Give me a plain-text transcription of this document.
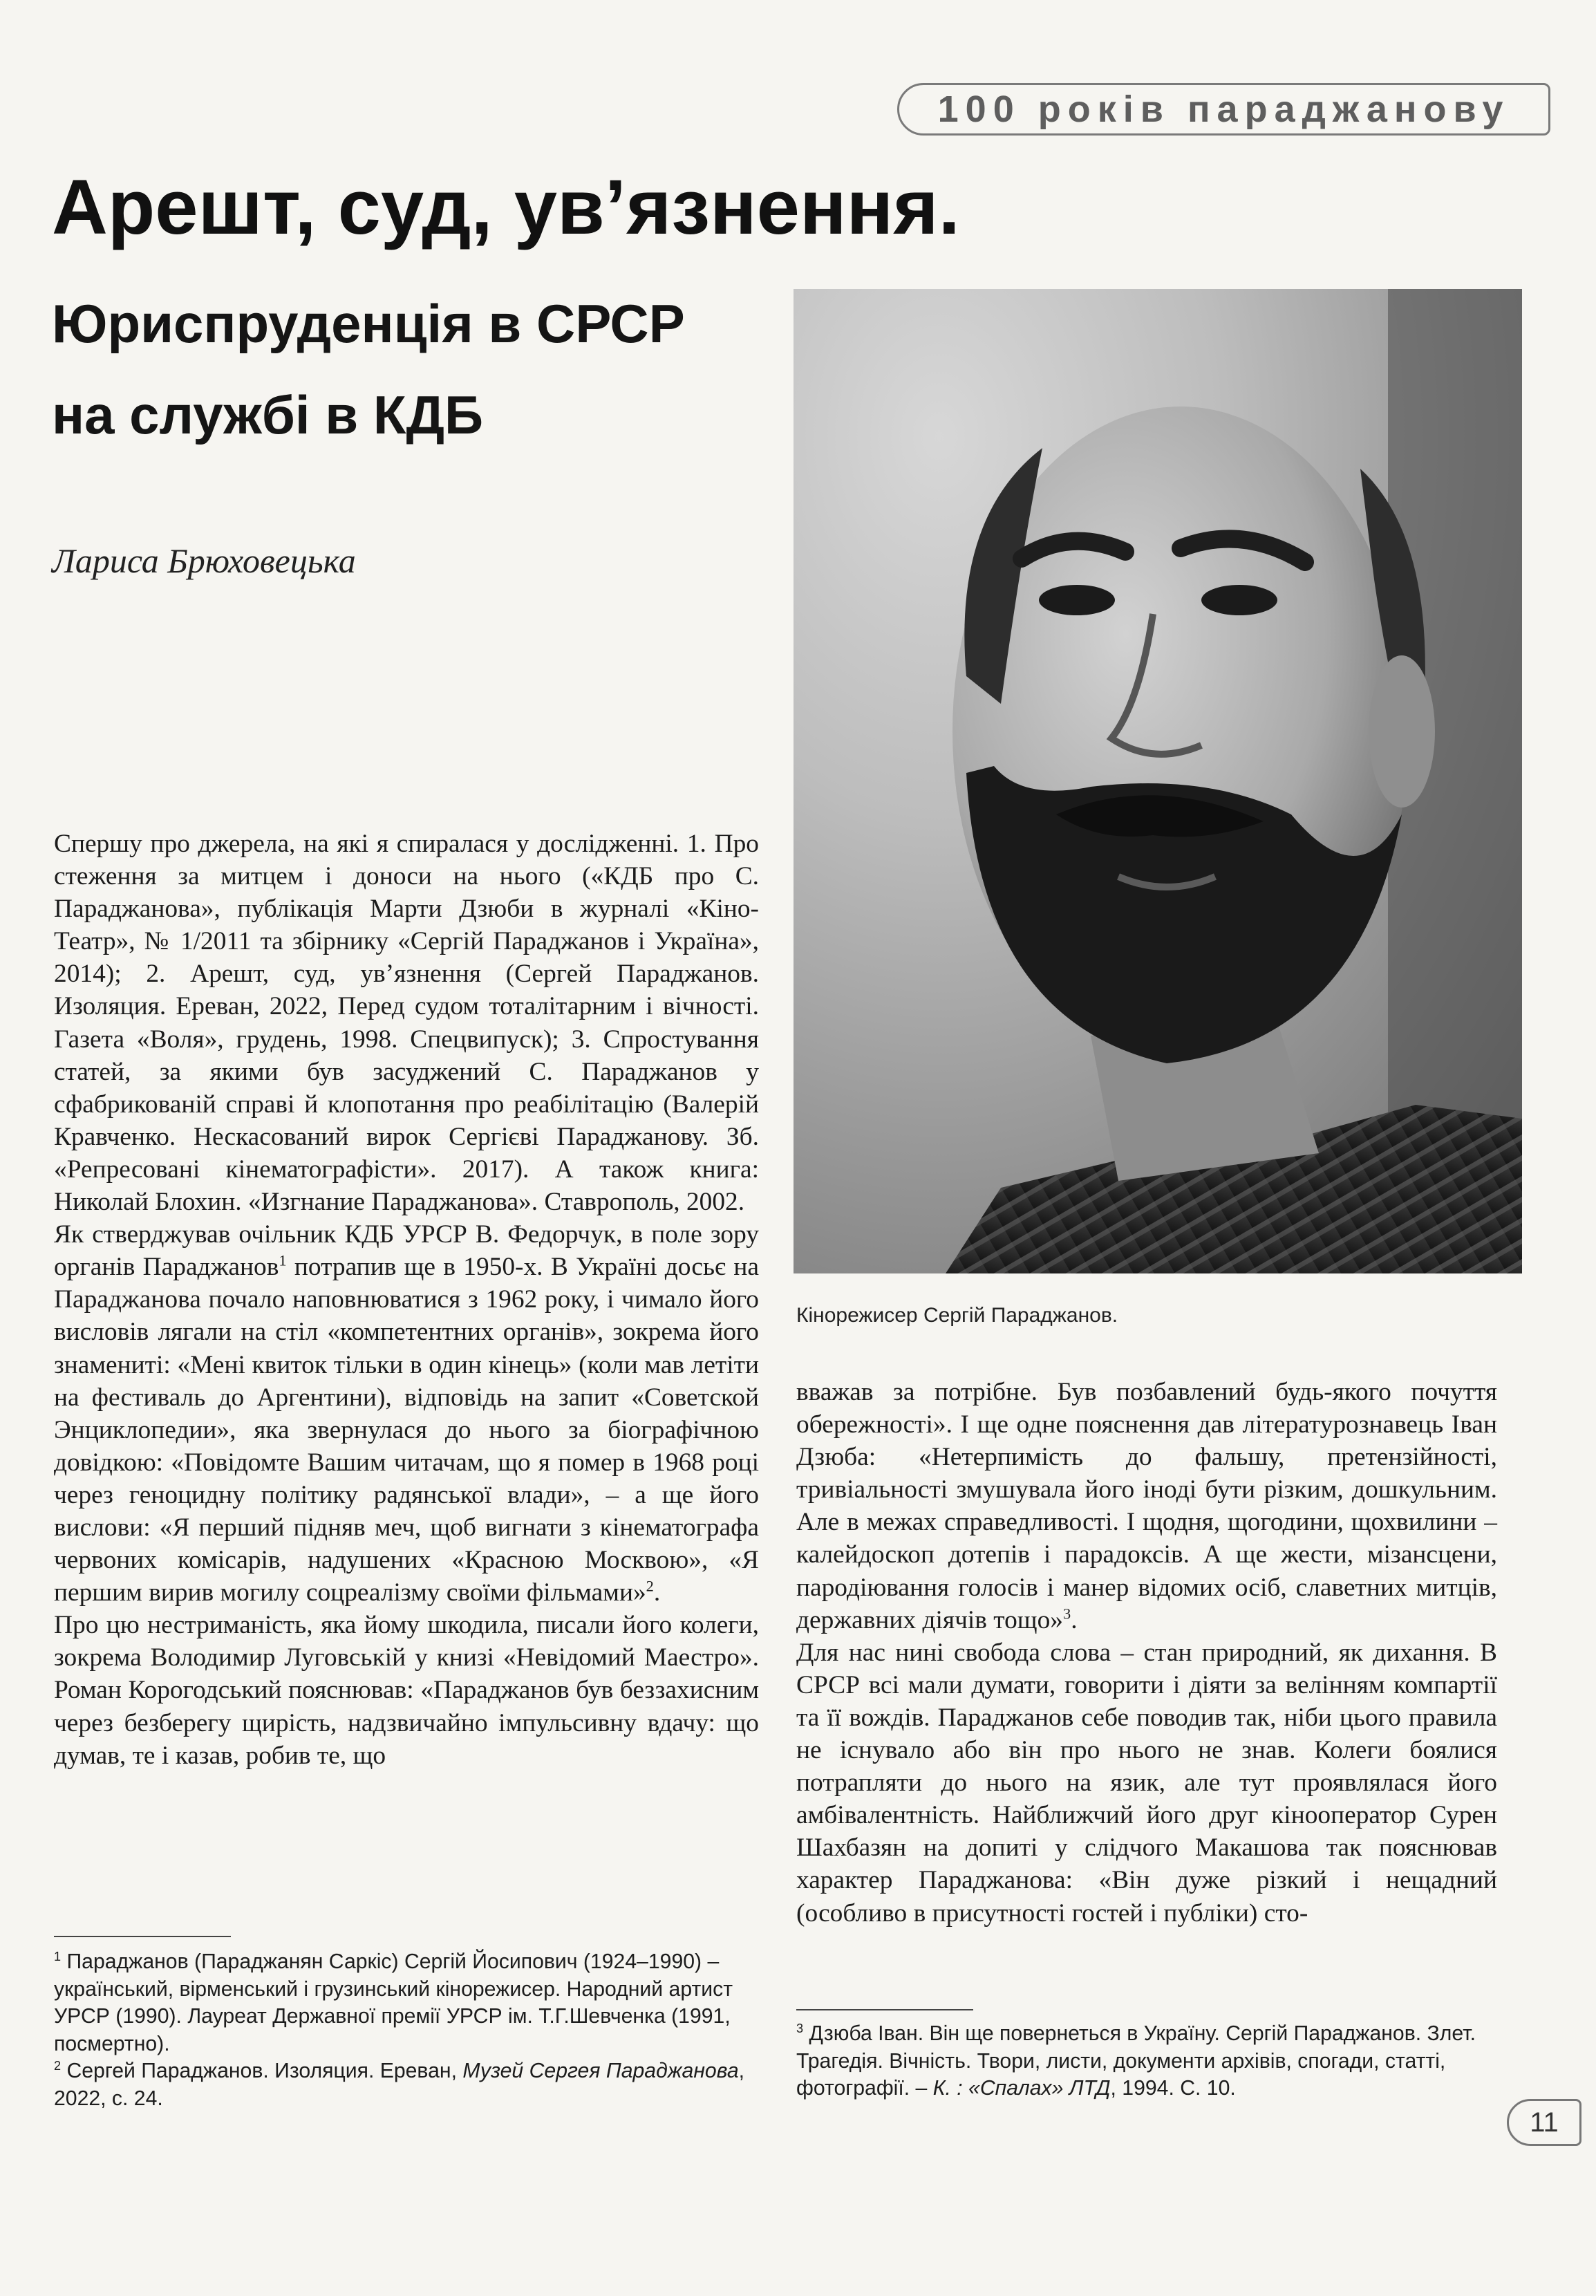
100 років параджанову
Арешт, суд, ув’язнення.
Юриспруденція в СРСР
на службі в КДБ
Лариса Брюховецька
Кінорежисер Сергій Параджанов.

Спершу про джерела, на які я спиралася у дослідженні. 1. Про стеження за митцем і доноси на нього («КДБ про С. Параджанова», публікація Марти Дзюби в журналі «Кіно-Театр», № 1/2011 та збірнику «Сергій Параджанов і Україна», 2014); 2. Арешт, суд, ув’язнення (Сергей Параджанов. Изоляция. Ереван, 2022, Перед судом тоталітарним і вічності. Газета «Воля», грудень, 1998. Спецвипуск); 3. Спростування статей, за якими був засуджений С. Параджанов у сфабрикованій справі й клопотання про реабілітацію (Валерій Кравченко. Нескасований вирок Сергієві Параджанову. Зб. «Репресовані кінематографісти». 2017). А також книга: Николай Блохин. «Изгнание Параджанова». Ставрополь, 2002.

Як стверджував очільник КДБ УРСР В. Федорчук, в поле зору органів Параджанов$^1$ потрапив ще в 1950-х. В Україні досьє на Параджанова почало наповнюватися з 1962 року, і чимало його висловів лягали на стіл «компетентних органів», зокрема його знамениті: «Мені квиток тільки в один кінець» (коли мав летіти на фестиваль до Аргентини), відповідь на запит «Советской Энциклопедии», яка звернулася до нього за біографічною довідкою: «Повідомте Вашим читачам, що я помер в 1968 році через геноцидну політику радянської влади», – а ще його вислови: «Я перший підняв меч, щоб вигнати з кінематографа червоних комісарів, надушених «Красною Москвою», «Я першим вирив могилу соцреалізму своїми фільмами»$^2$.

Про цю нестриманість, яка йому шкодила, писали його колеги, зокрема Володимир Луговській у книзі «Невідомий Маестро». Роман Корогодський пояснював: «Параджанов був беззахисним через безберегу щирість, надзвичайно імпульсивну вдачу: що думав, те і казав, робив те, що

$^1$ Параджанов (Параджанян Саркіс) Сергій Йосипович (1924–1990) – український, вірменський і грузинський кінорежисер. Народний артист УРСР (1990). Лауреат Державної премії УРСР ім. Т.Г.Шевченка (1991, посмертно).

$^2$ Сергей Параджанов. Изоляция. Ереван, Музей Сергея Параджанова, 2022, с. 24.

вважав за потрібне. Був позбавлений будь-якого почуття обережності». І ще одне пояснення дав літературознавець Іван Дзюба: «Нетерпимість до фальшу, претензійності, тривіальності змушувала його іноді бути різким, дошкульним. Але в межах справедливості. І щодня, щогодини, щохвилини – калейдоскоп дотепів і парадоксів. А ще жести, мізансцени, пародіювання голосів і манер відомих осіб, славетних митців, державних діячів тощо»$^3$.

Для нас нині свобода слова – стан природний, як дихання. В СРСР всі мали думати, говорити і діяти за велінням компартії та її вождів. Параджанов себе поводив так, ніби цього правила не існувало або він про нього не знав. Колеги боялися потрапляти до нього на язик, але тут проявлялася його амбівалентність. Найближчий його друг кінооператор Сурен Шахбазян на допиті у слідчого Макашова так пояснював характер Параджанова: «Він дуже різкий і нещадний (особливо в присутності гостей і публіки) сто-

$^3$ Дзюба Іван. Він ще повернеться в Україну. Сергій Параджанов. Злет. Трагедія. Вічність. Твори, листи, документи архівів, спогади, статті, фотографії. – К. : «Спалах» ЛТД, 1994. С. 10.

11
